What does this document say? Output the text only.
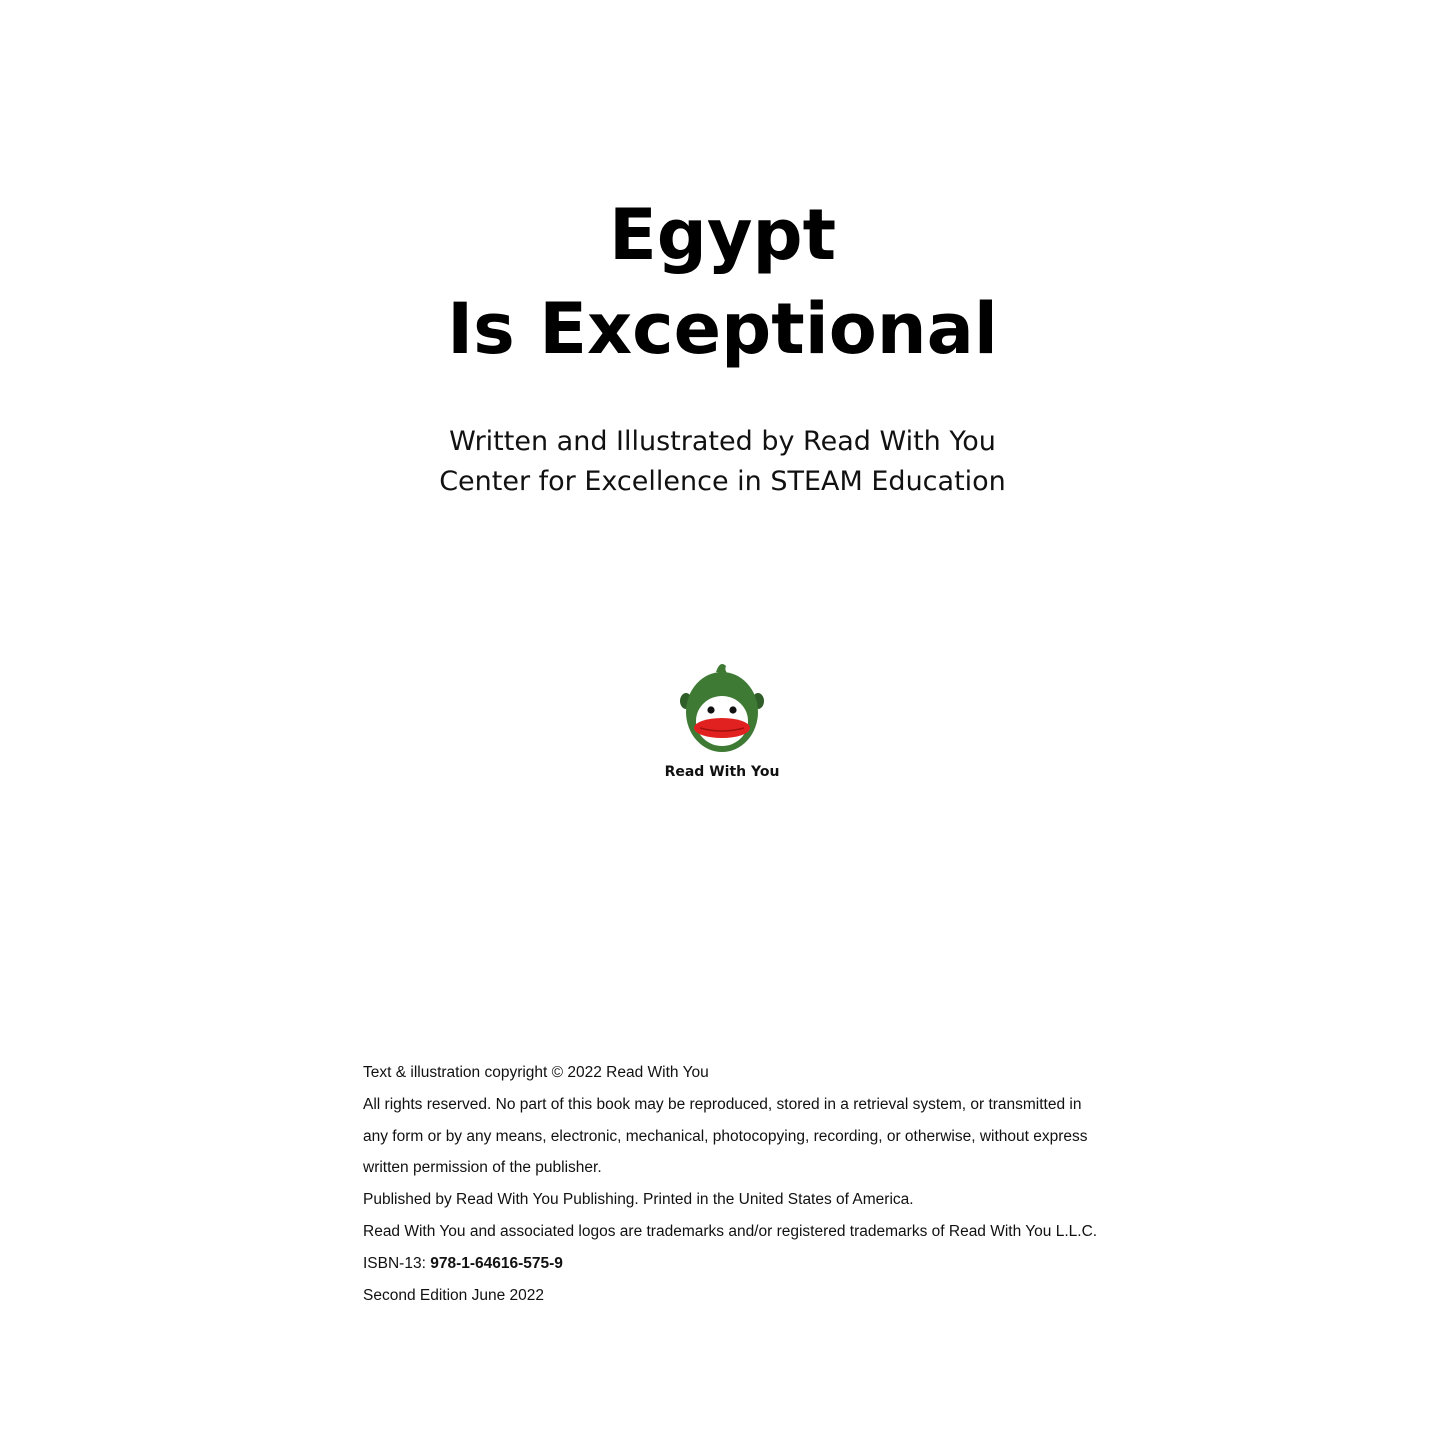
Egypt
Is Exceptional
Written and Illustrated by Read With You
Center for Excellence in STEAM Education
Read With You
Text & illustration copyright © 2022 Read With You
All rights reserved. No part of this book may be reproduced, stored in a retrieval system, or transmitted in
any form or by any means, electronic, mechanical, photocopying, recording, or otherwise, without express
written permission of the publisher.
Published by Read With You Publishing. Printed in the United States of America.
Read With You and associated logos are trademarks and/or registered trademarks of Read With You L.L.C.
ISBN-13: 978-1-64616-575-9
Second Edition June 2022
